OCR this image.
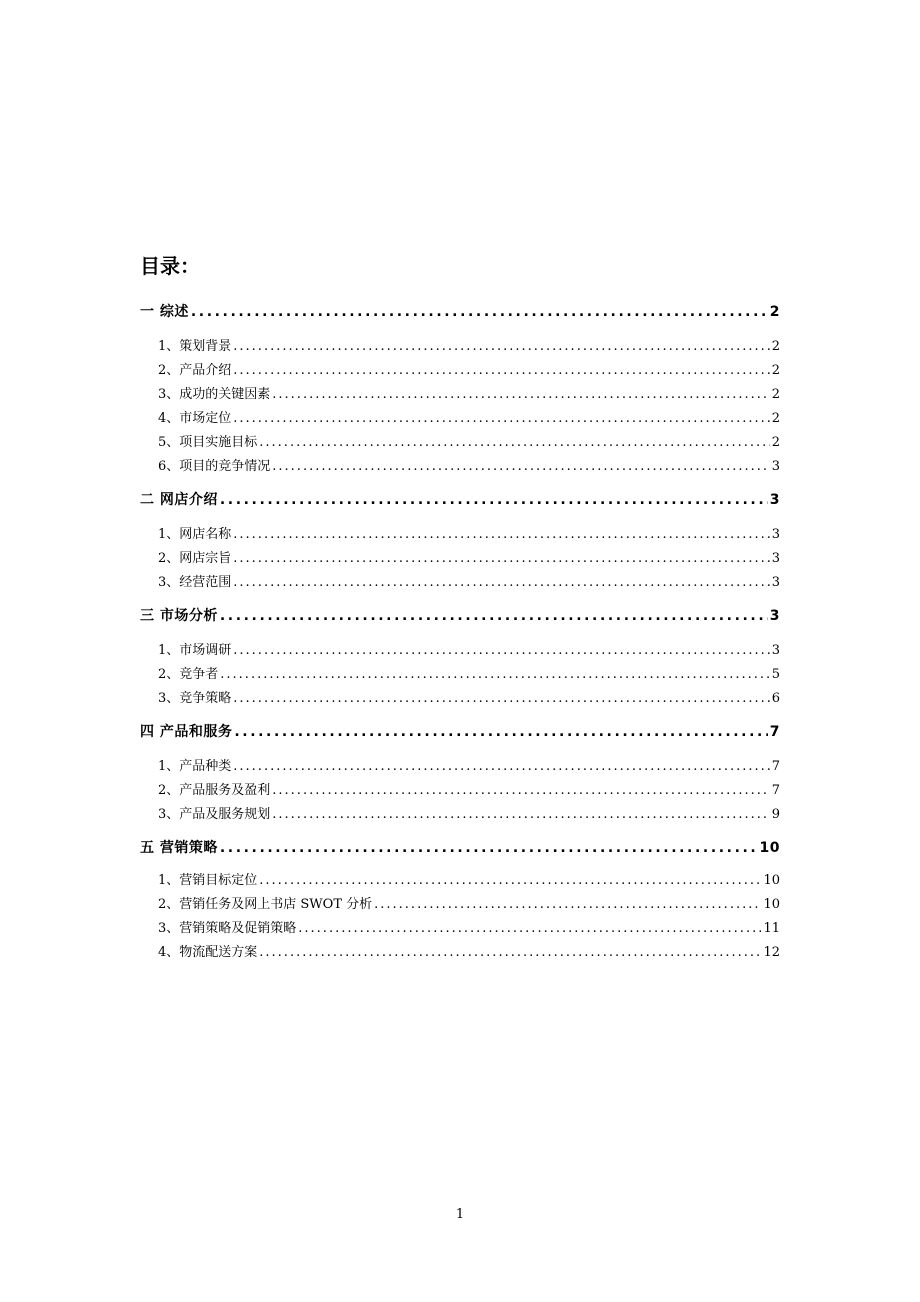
目录：
一 综述 .....	2
1、策划背景 .....	2
2、产品介绍 .....	2
3、成功的关键因素 .....	2
4、市场定位 .....	2
5、项目实施目标 .....	2
6、项目的竞争情况 .....	3
二 网店介绍 .....	3
1、网店名称 .....	3
2、网店宗旨 .....	3
3、经营范围 .....	3
三 市场分析 .....	3
1、市场调研 .....	3
2、竞争者 .....	5
3、竞争策略 .....	6
四 产品和服务 .....	7
1、产品种类 .....	7
2、产品服务及盈利 .....	7
3、产品及服务规划 .....	9
五 营销策略 .....	10
1、营销目标定位 .....	10
2、营销任务及网上书店 SWOT 分析 .....	10
3、营销策略及促销策略 .....	11
4、物流配送方案 .....	12
1
